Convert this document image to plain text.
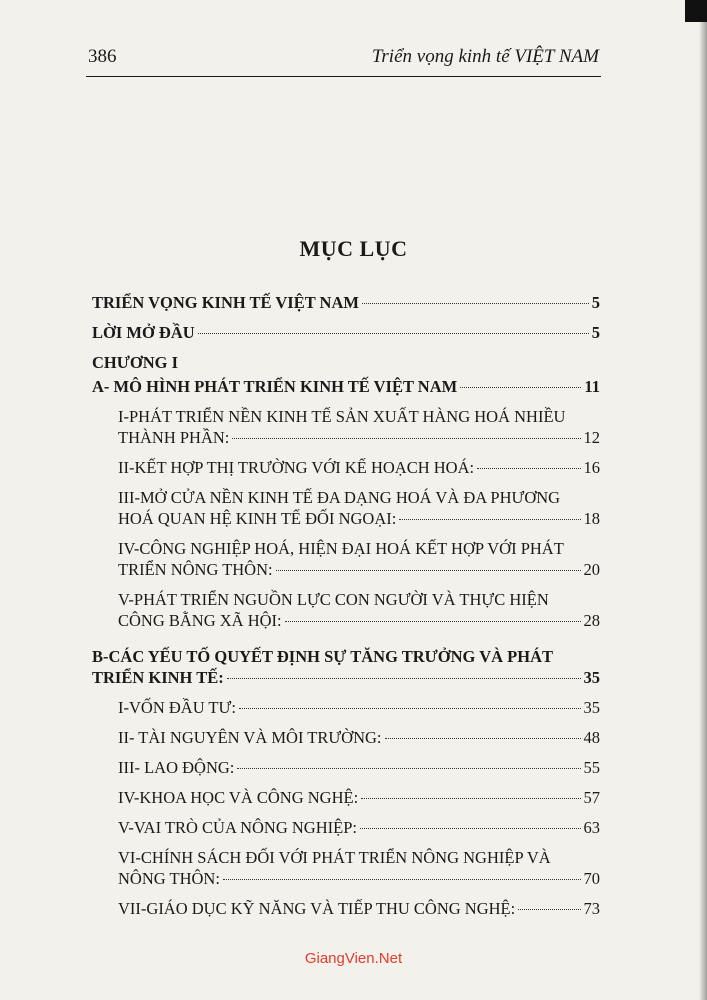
386	Triển vọng kinh tế VIỆT NAM
MỤC LỤC
TRIỂN VỌNG KINH TẾ VIỆT NAM	5
LỜI MỞ ĐẦU	5
CHƯƠNG I
A- MÔ HÌNH PHÁT TRIỂN KINH TẾ VIỆT NAM	11
I-PHÁT TRIỂN NỀN KINH TẾ SẢN XUẤT HÀNG HOÁ NHIỀU
THÀNH PHẦN:	12
II-KẾT HỢP THỊ TRƯỜNG VỚI KẾ HOẠCH HOÁ:	16
III-MỞ CỬA NỀN KINH TẾ ĐA DẠNG HOÁ VÀ ĐA PHƯƠNG
HOÁ QUAN HỆ KINH TẾ ĐỐI NGOẠI:	18
IV-CÔNG NGHIỆP HOÁ, HIỆN ĐẠI HOÁ KẾT HỢP VỚI PHÁT
TRIỂN NÔNG THÔN:	20
V-PHÁT TRIỂN NGUỒN LỰC CON NGƯỜI VÀ THỰC HIỆN
CÔNG BẰNG XÃ HỘI:	28
B-CÁC YẾU TỐ QUYẾT ĐỊNH SỰ TĂNG TRƯỞNG VÀ PHÁT
TRIỂN KINH TẾ:	35
I-VỐN ĐẦU TƯ:	35
II- TÀI NGUYÊN VÀ MÔI TRƯỜNG:	48
III- LAO ĐỘNG:	55
IV-KHOA HỌC VÀ CÔNG NGHỆ:	57
V-VAI TRÒ CỦA NÔNG NGHIỆP:	63
VI-CHÍNH SÁCH ĐỐI VỚI PHÁT TRIỂN NÔNG NGHIỆP VÀ
NÔNG THÔN:	70
VII-GIÁO DỤC KỸ NĂNG VÀ TIẾP THU CÔNG NGHỆ:	73
GiangVien.Net
